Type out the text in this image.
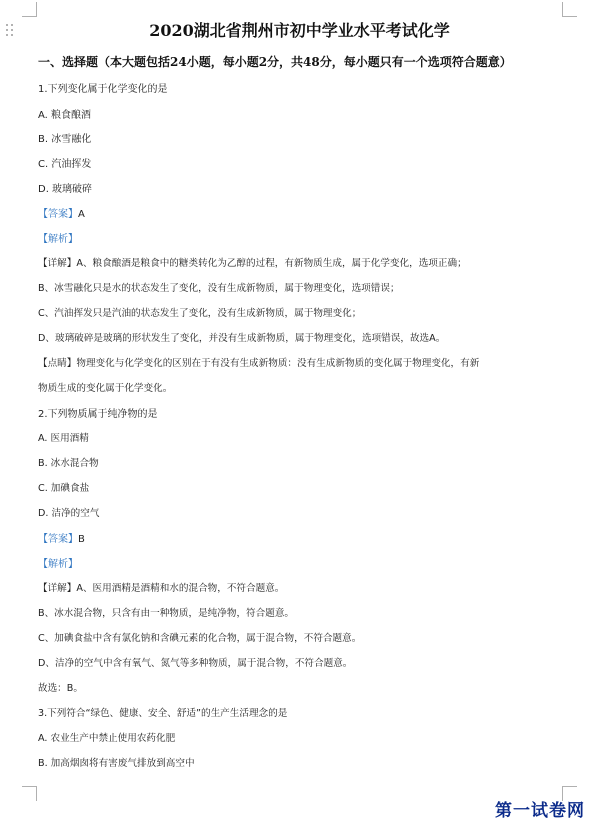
2020湖北省荆州市初中学业水平考试化学
一、选择题（本大题包括24小题，每小题2分，共48分，每小题只有一个选项符合题意）
1.下列变化属于化学变化的是
A. 粮食酿酒
B. 冰雪融化
C. 汽油挥发
D. 玻璃破碎
【答案】A
【解析】
【详解】A、粮食酿酒是粮食中的糖类转化为乙醇的过程，有新物质生成，属于化学变化，选项正确；
B、冰雪融化只是水的状态发生了变化，没有生成新物质，属于物理变化，选项错误；
C、汽油挥发只是汽油的状态发生了变化，没有生成新物质，属于物理变化；
D、玻璃破碎是玻璃的形状发生了变化，并没有生成新物质，属于物理变化，选项错误，故选A。
【点睛】物理变化与化学变化的区别在于有没有生成新物质：没有生成新物质的变化属于物理变化，有新
物质生成的变化属于化学变化。
2.下列物质属于纯净物的是
A. 医用酒精
B. 冰水混合物
C. 加碘食盐
D. 洁净的空气
【答案】B
【解析】
【详解】A、医用酒精是酒精和水的混合物，不符合题意。
B、冰水混合物，只含有由一种物质，是纯净物，符合题意。
C、加碘食盐中含有氯化钠和含碘元素的化合物，属于混合物，不符合题意。
D、洁净的空气中含有氧气、氮气等多种物质，属于混合物，不符合题意。
故选：B。
3.下列符合“绿色、健康、安全、舒适”的生产生活理念的是
A. 农业生产中禁止使用农药化肥
B. 加高烟囱将有害废气排放到高空中
第一试卷网
